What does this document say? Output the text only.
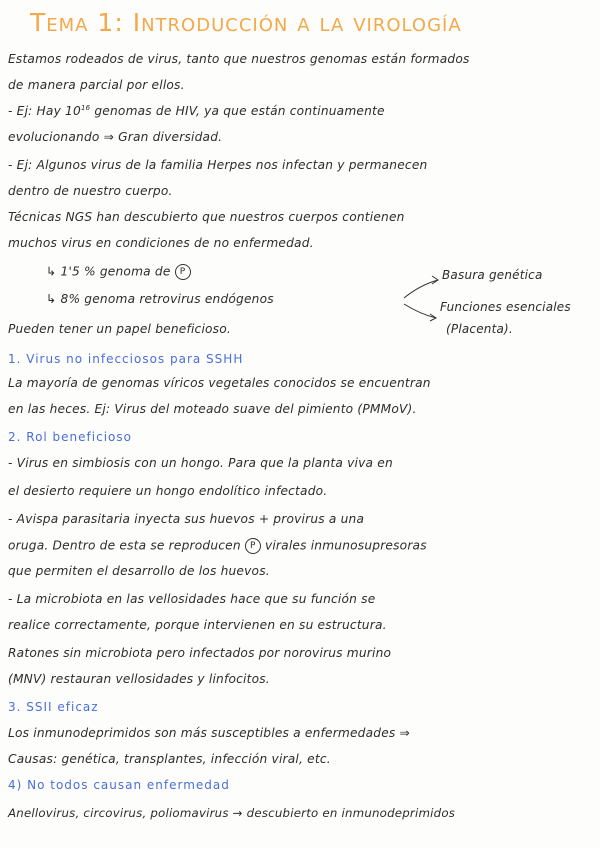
Tema 1: Introducción a la virología
Estamos rodeados de virus, tanto que nuestros genomas están formados
de manera parcial por ellos.
- Ej: Hay $10^{16}$ genomas de HIV, ya que están continuamente
evolucionando ⇒ Gran diversidad.
- Ej: Algunos virus de la familia Herpes nos infectan y permanecen
dentro de nuestro cuerpo.
Técnicas NGS han descubierto que nuestros cuerpos contienen
muchos virus en condiciones de no enfermedad.
↳ 1'5 % genoma de P
↳ 8% genoma retrovirus endógenos
Basura genética
Funciones esenciales
(Placenta).
Pueden tener un papel beneficioso.
1. Virus no infecciosos para SSHH
La mayoría de genomas víricos vegetales conocidos se encuentran
en las heces. Ej: Virus del moteado suave del pimiento (PMMoV).
2. Rol beneficioso
- Virus en simbiosis con un hongo. Para que la planta viva en
el desierto requiere un hongo endolítico infectado.
- Avispa parasitaria inyecta sus huevos + provirus a una
oruga. Dentro de esta se reproducen P virales inmunosupresoras
que permiten el desarrollo de los huevos.
- La microbiota en las vellosidades hace que su función se
realice correctamente, porque intervienen en su estructura.
Ratones sin microbiota pero infectados por norovirus murino
(MNV) restauran vellosidades y linfocitos.
3. SSII eficaz
Los inmunodeprimidos son más susceptibles a enfermedades ⇒
Causas: genética, transplantes, infección viral, etc.
4) No todos causan enfermedad
Anellovirus, circovirus, poliomavirus → descubierto en inmunodeprimidos
